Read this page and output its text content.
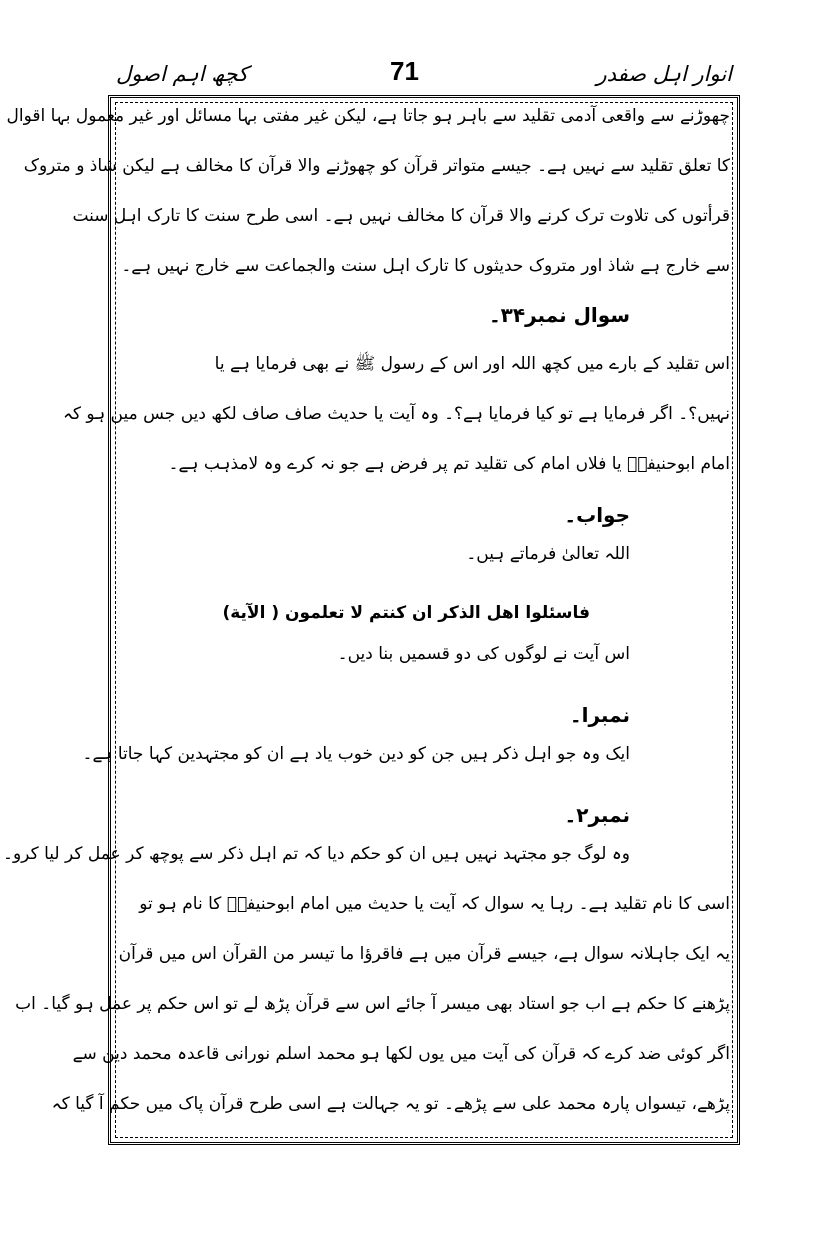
کچھ اہم اصول	71	انوار اہل صفدر
چھوڑنے سے واقعی آدمی تقلید سے باہر ہو جاتا ہے، لیکن غیر مفتی بہا مسائل اور غیر معمول بہا اقوال
کا تعلق تقلید سے نہیں ہے۔ جیسے متواتر قرآن کو چھوڑنے والا قرآن کا مخالف ہے لیکن شاذ و متروک
قرأتوں کی تلاوت ترک کرنے والا قرآن کا مخالف نہیں ہے۔ اسی طرح سنت کا تارک اہل سنت
سے خارج ہے شاذ اور متروک حدیثوں کا تارک اہل سنت والجماعت سے خارج نہیں ہے۔
سوال نمبر۳۴۔
اس تقلید کے بارے میں کچھ اللہ اور اس کے رسول ﷺ نے بھی فرمایا ہے یا
نہیں؟۔ اگر فرمایا ہے تو کیا فرمایا ہے؟۔ وہ آیت یا حدیث صاف صاف لکھ دیں جس میں ہو کہ
امام ابوحنیفہؒ یا فلاں امام کی تقلید تم پر فرض ہے جو نہ کرے وہ لامذہب ہے۔
جواب۔
اللہ تعالیٰ فرماتے ہیں۔
فاسئلوا اهل الذكر ان كنتم لا تعلمون ( الآية)
اس آیت نے لوگوں کی دو قسمیں بنا دیں۔
نمبرا۔
ایک وہ جو اہل ذکر ہیں جن کو دین خوب یاد ہے ان کو مجتہدین کہا جاتا ہے۔
نمبر۲۔
وہ لوگ جو مجتہد نہیں ہیں ان کو حکم دیا کہ تم اہل ذکر سے پوچھ کر عمل کر لیا کرو۔
اسی کا نام تقلید ہے۔ رہا یہ سوال کہ آیت یا حدیث میں امام ابوحنیفہؒ کا نام ہو تو
یہ ایک جاہلانہ سوال ہے، جیسے قرآن میں ہے فاقرؤا ما تیسر من القرآن اس میں قرآن
پڑھنے کا حکم ہے اب جو استاد بھی میسر آ جائے اس سے قرآن پڑھ لے تو اس حکم پر عمل ہو گیا۔ اب
اگر کوئی ضد کرے کہ قرآن کی آیت میں یوں لکھا ہو محمد اسلم نورانی قاعدہ محمد دین سے
پڑھے، تیسواں پارہ محمد علی سے پڑھے۔ تو یہ جہالت ہے اسی طرح قرآن پاک میں حکم آ گیا کہ
